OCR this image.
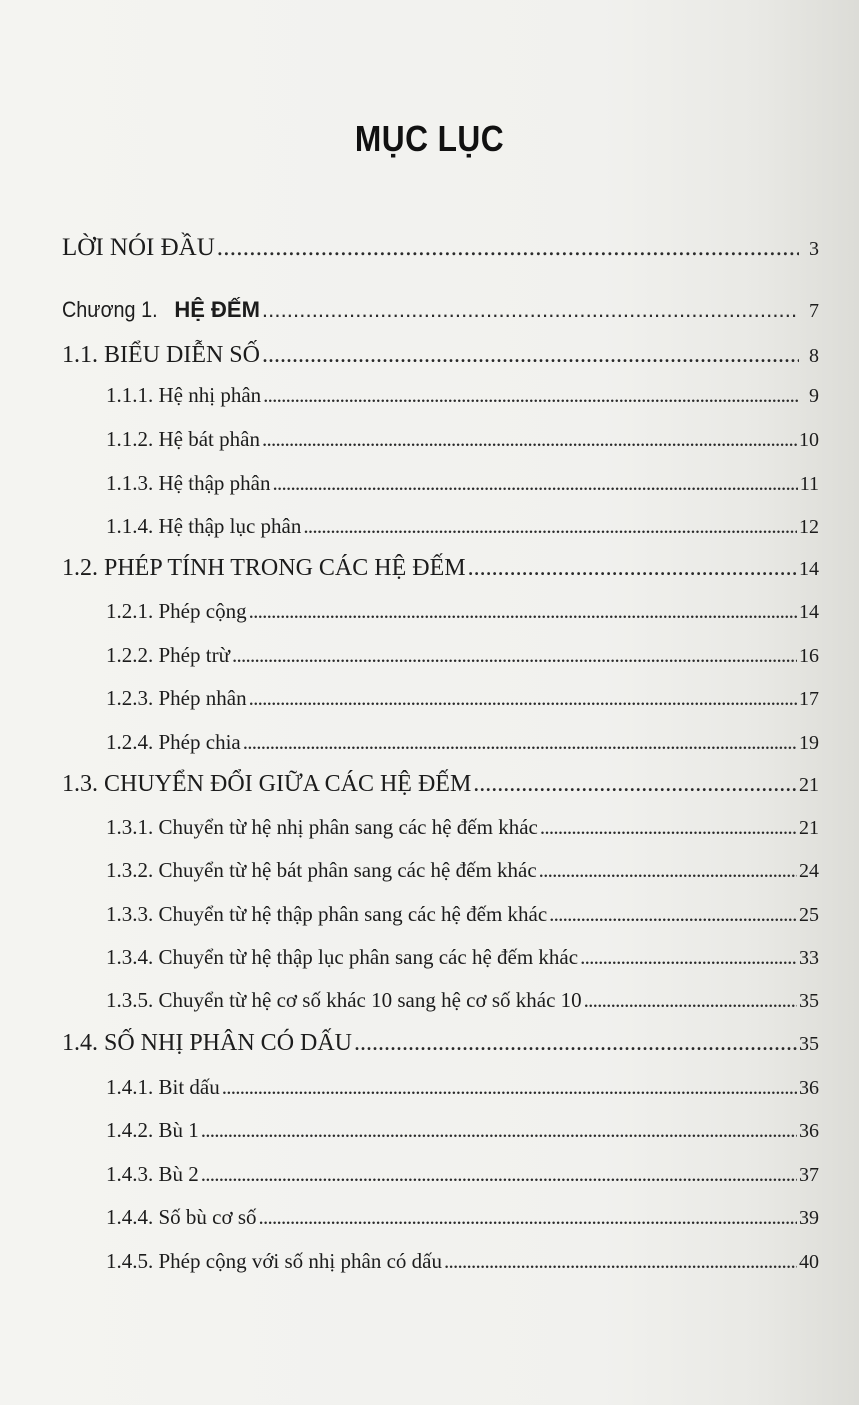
MỤC LỤC
LỜI NÓI ĐẦU . . .	3
Chương 1. HỆ ĐẾM . . .	7
1.1. BIỂU DIỄN SỐ . . .	8
1.1.1. Hệ nhị phân . . .	9
1.1.2. Hệ bát phân . . .	10
1.1.3. Hệ thập phân . . .	11
1.1.4. Hệ thập lục phân . . .	12
1.2. PHÉP TÍNH TRONG CÁC HỆ ĐẾM . . .	14
1.2.1. Phép cộng . . .	14
1.2.2. Phép trừ . . .	16
1.2.3. Phép nhân . . .	17
1.2.4. Phép chia . . .	19
1.3. CHUYỂN ĐỔI GIỮA CÁC HỆ ĐẾM . . .	21
1.3.1. Chuyển từ hệ nhị phân sang các hệ đếm khác . . .	21
1.3.2. Chuyển từ hệ bát phân sang các hệ đếm khác . . .	24
1.3.3. Chuyển từ hệ thập phân sang các hệ đếm khác . . .	25
1.3.4. Chuyển từ hệ thập lục phân sang các hệ đếm khác . . .	33
1.3.5. Chuyển từ hệ cơ số khác 10 sang hệ cơ số khác 10 . . .	35
1.4. SỐ NHỊ PHÂN CÓ DẤU . . .	35
1.4.1. Bit dấu . . .	36
1.4.2. Bù 1 . . .	36
1.4.3. Bù 2 . . .	37
1.4.4. Số bù cơ số . . .	39
1.4.5. Phép cộng với số nhị phân có dấu . . .	40
